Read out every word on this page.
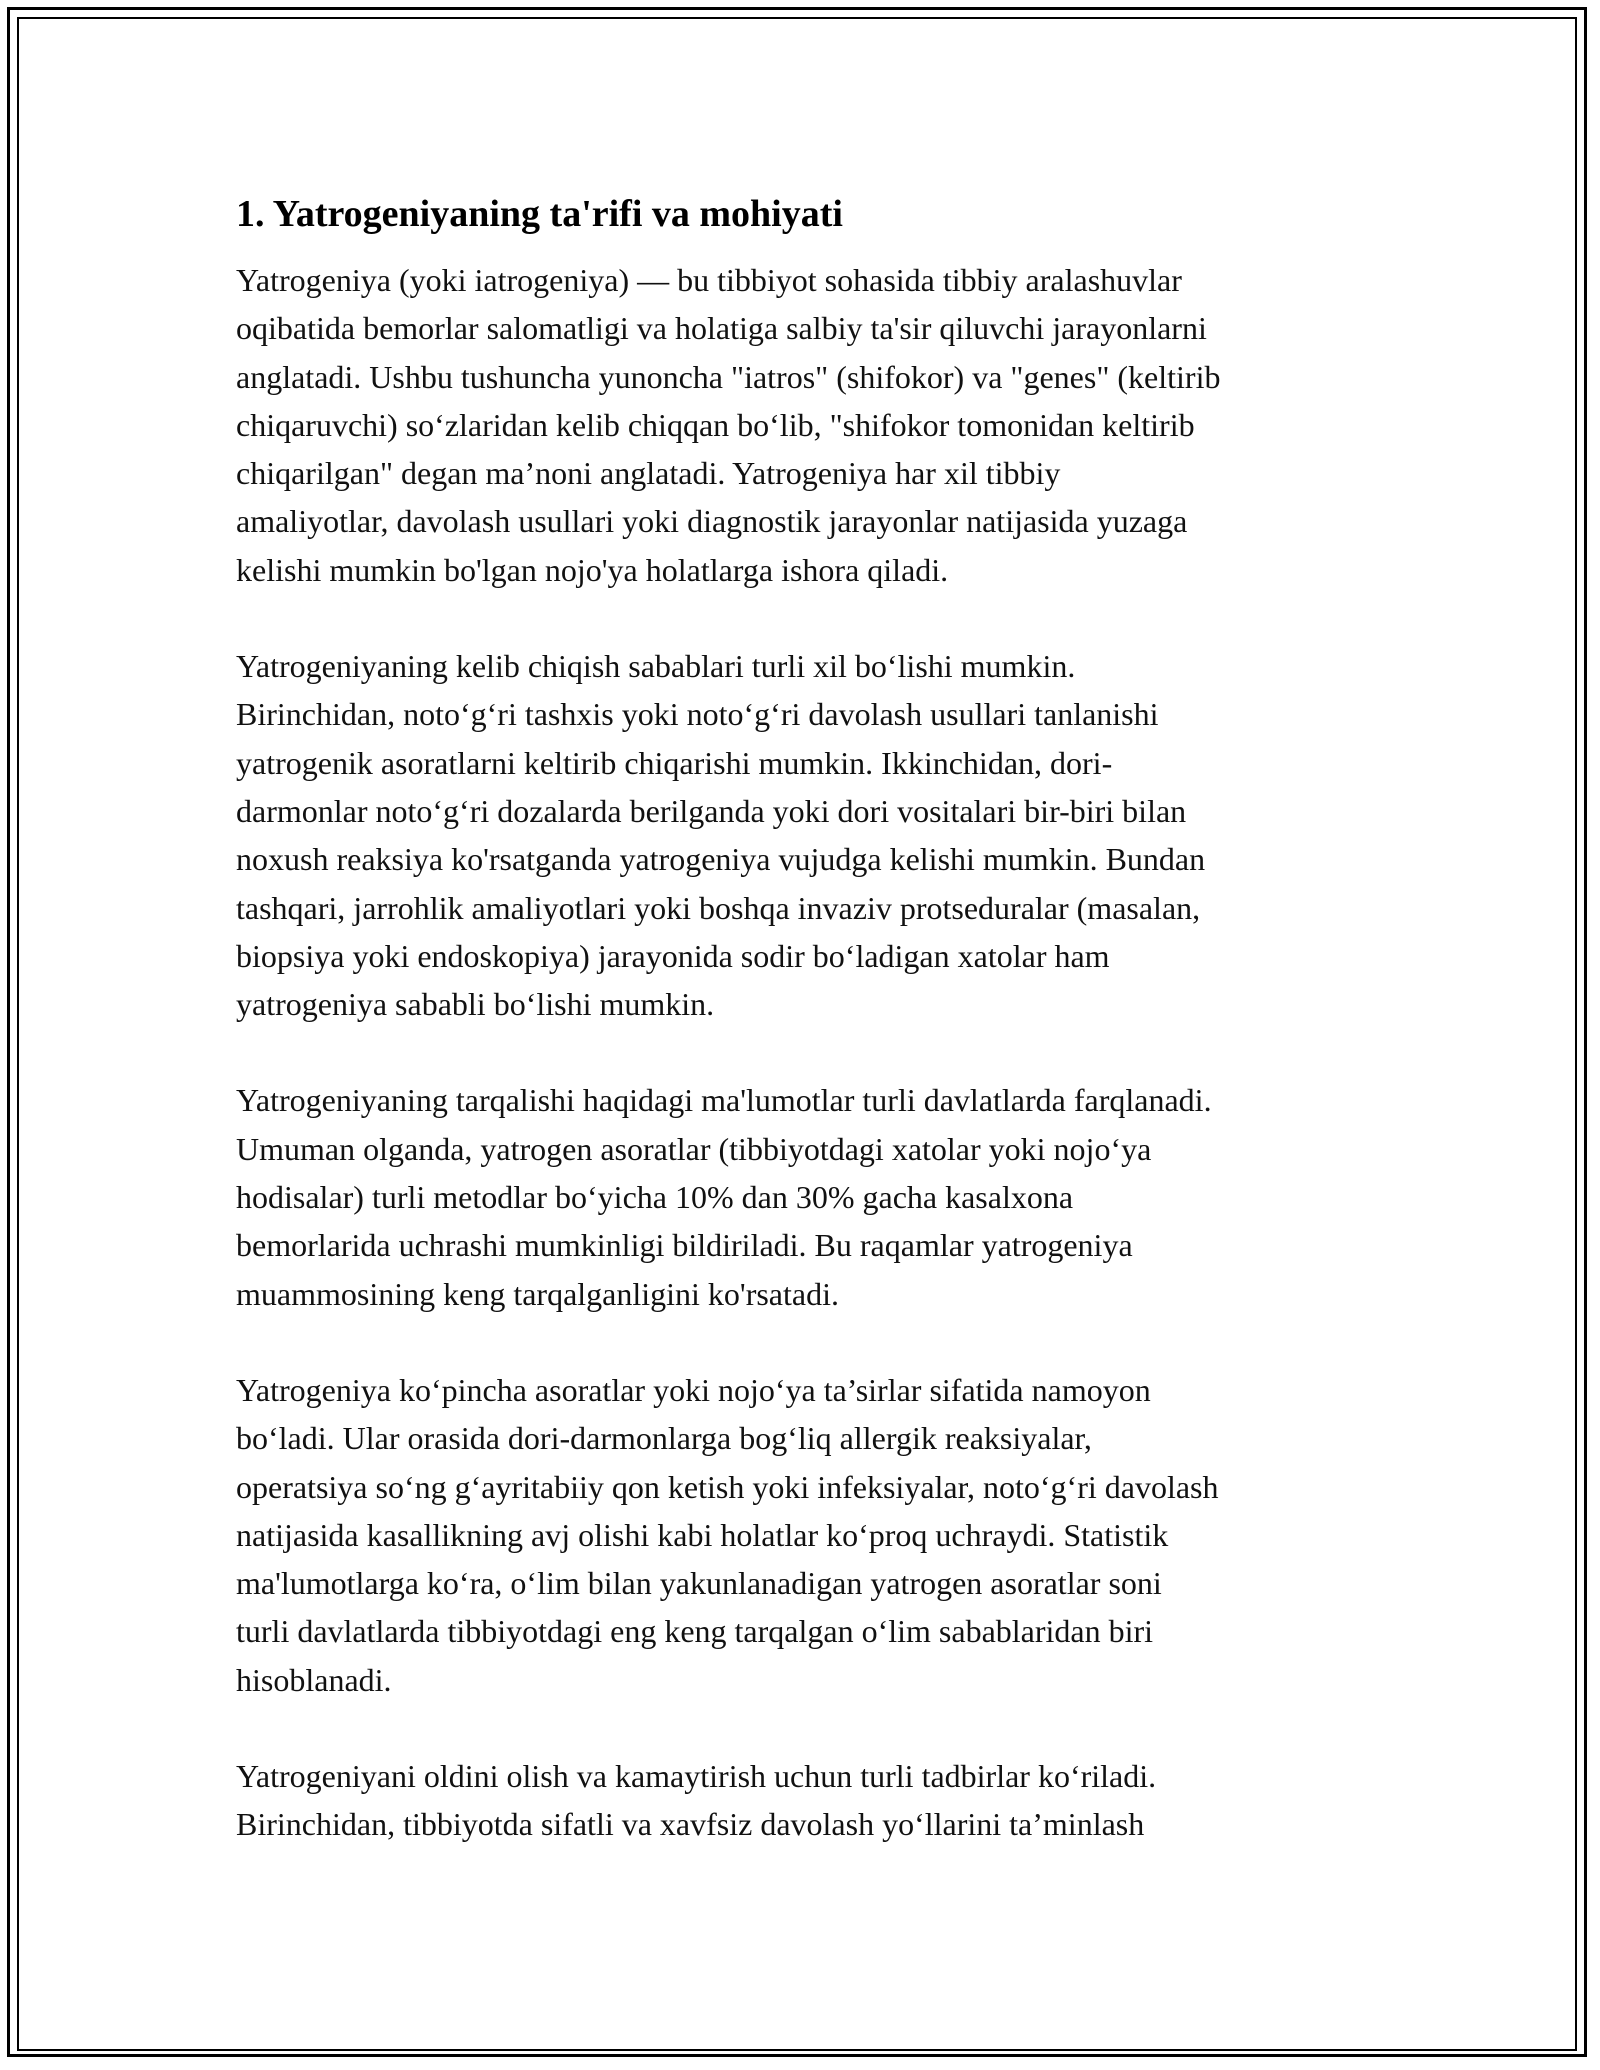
1. Yatrogeniyaning ta'rifi va mohiyati
Yatrogeniya (yoki iatrogeniya) — bu tibbiyot sohasida tibbiy aralashuvlar
oqibatida bemorlar salomatligi va holatiga salbiy ta'sir qiluvchi jarayonlarni
anglatadi. Ushbu tushuncha yunoncha "iatros" (shifokor) va "genes" (keltirib
chiqaruvchi) so‘zlaridan kelib chiqqan bo‘lib, "shifokor tomonidan keltirib
chiqarilgan" degan ma’noni anglatadi. Yatrogeniya har xil tibbiy
amaliyotlar, davolash usullari yoki diagnostik jarayonlar natijasida yuzaga
kelishi mumkin bo'lgan nojo'ya holatlarga ishora qiladi.
Yatrogeniyaning kelib chiqish sabablari turli xil bo‘lishi mumkin.
Birinchidan, noto‘g‘ri tashxis yoki noto‘g‘ri davolash usullari tanlanishi
yatrogenik asoratlarni keltirib chiqarishi mumkin. Ikkinchidan, dori-
darmonlar noto‘g‘ri dozalarda berilganda yoki dori vositalari bir-biri bilan
noxush reaksiya ko'rsatganda yatrogeniya vujudga kelishi mumkin. Bundan
tashqari, jarrohlik amaliyotlari yoki boshqa invaziv protseduralar (masalan,
biopsiya yoki endoskopiya) jarayonida sodir bo‘ladigan xatolar ham
yatrogeniya sababli bo‘lishi mumkin.
Yatrogeniyaning tarqalishi haqidagi ma'lumotlar turli davlatlarda farqlanadi.
Umuman olganda, yatrogen asoratlar (tibbiyotdagi xatolar yoki nojo‘ya
hodisalar) turli metodlar bo‘yicha 10% dan 30% gacha kasalxona
bemorlarida uchrashi mumkinligi bildiriladi. Bu raqamlar yatrogeniya
muammosining keng tarqalganligini ko'rsatadi.
Yatrogeniya ko‘pincha asoratlar yoki nojo‘ya ta’sirlar sifatida namoyon
bo‘ladi. Ular orasida dori-darmonlarga bog‘liq allergik reaksiyalar,
operatsiya so‘ng g‘ayritabiiy qon ketish yoki infeksiyalar, noto‘g‘ri davolash
natijasida kasallikning avj olishi kabi holatlar ko‘proq uchraydi. Statistik
ma'lumotlarga ko‘ra, o‘lim bilan yakunlanadigan yatrogen asoratlar soni
turli davlatlarda tibbiyotdagi eng keng tarqalgan o‘lim sabablaridan biri
hisoblanadi.
Yatrogeniyani oldini olish va kamaytirish uchun turli tadbirlar ko‘riladi.
Birinchidan, tibbiyotda sifatli va xavfsiz davolash yo‘llarini ta’minlash
